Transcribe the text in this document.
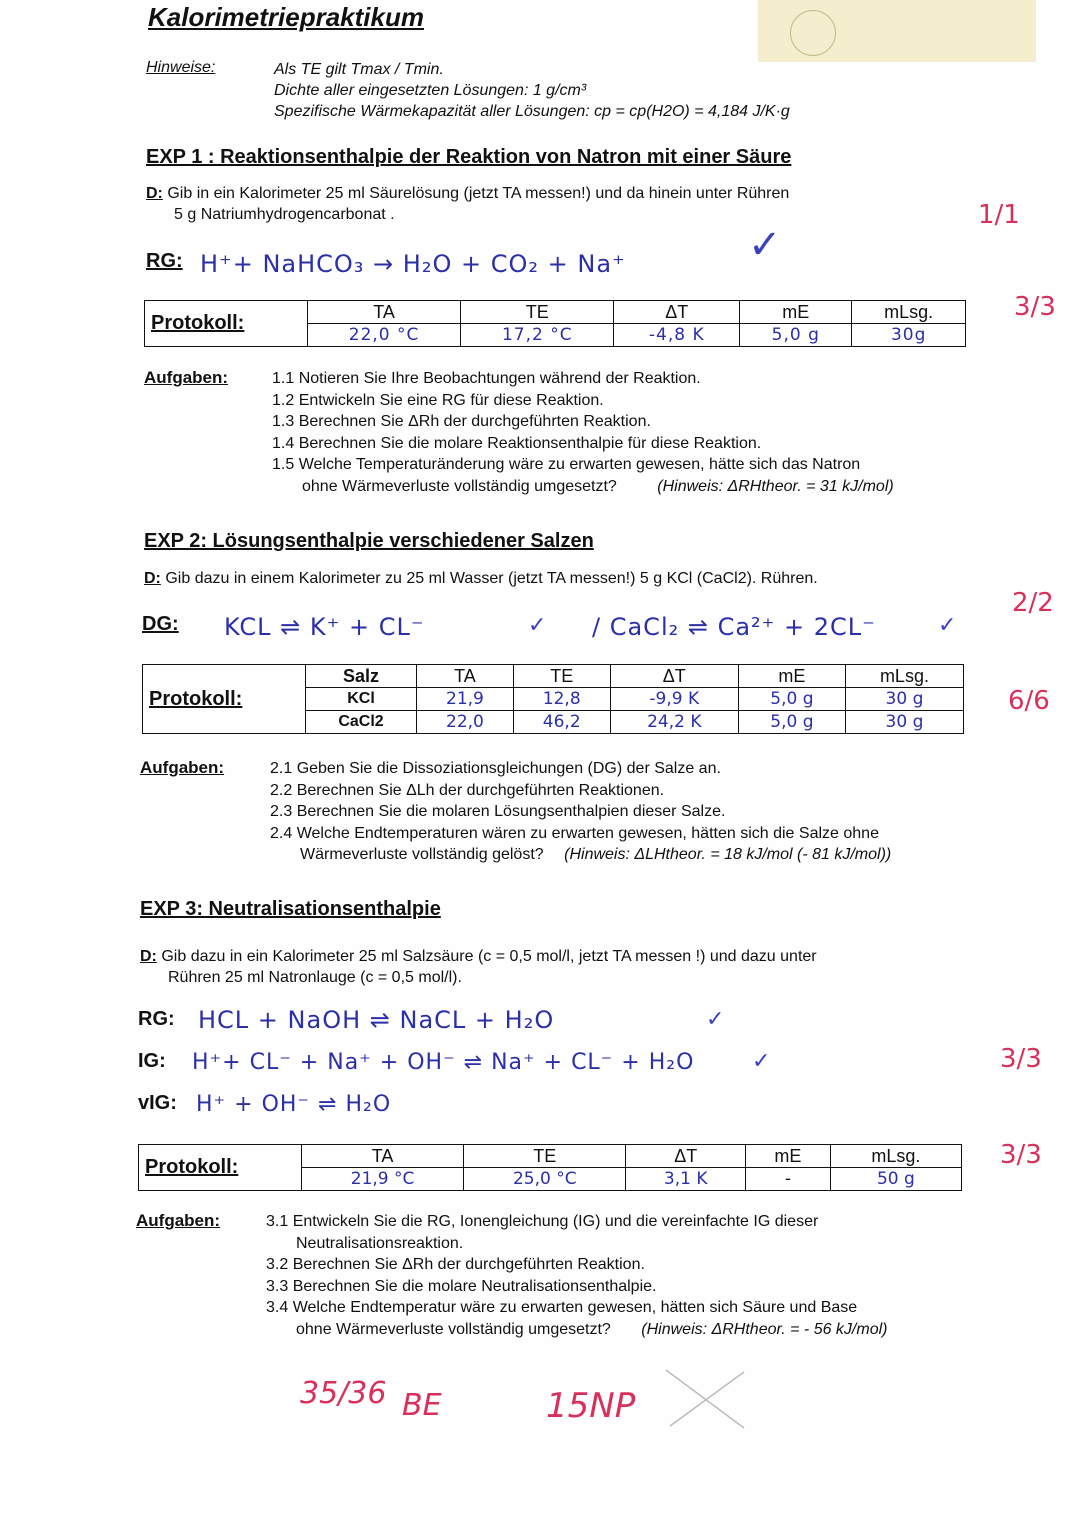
Kalorimetriepraktikum
Hinweise:	Als TE gilt Tmax / Tmin.
Dichte aller eingesetzten Lösungen: 1 g/cm³
Spezifische Wärmekapazität aller Lösungen: cp = cp(H2O) = 4,184 J/K·g
EXP 1 : Reaktionsenthalpie der Reaktion von Natron mit einer Säure
D: Gib in ein Kalorimeter 25 ml Säurelösung (jetzt TA messen!) und da hinein unter Rühren
5 g Natriumhydrogencarbonat .
RG: H⁺+ NaHCO₃ → H₂O + CO₂ + Na⁺	✓
Protokoll:	TA	TE	ΔT	mE	mLsg.
	22,0 °C	17,2 °C	-4,8 K	5,0 g	30g
Aufgaben:	1.1 Notieren Sie Ihre Beobachtungen während der Reaktion.
1.2 Entwickeln Sie eine RG für diese Reaktion.
1.3 Berechnen Sie ΔRh der durchgeführten Reaktion.
1.4 Berechnen Sie die molare Reaktionsenthalpie für diese Reaktion.
1.5 Welche Temperaturänderung wäre zu erwarten gewesen, hätte sich das Natron
ohne Wärmeverluste vollständig umgesetzt?	(Hinweis: ΔRHtheor. = 31 kJ/mol)
1/1
3/3
EXP 2: Lösungsenthalpie verschiedener Salzen
D: Gib dazu in einem Kalorimeter zu 25 ml Wasser (jetzt TA messen!) 5 g KCl (CaCl2). Rühren.
DG: KCL ⇌ K⁺ + CL⁻	/ CaCl₂ ⇌ Ca²⁺ + 2CL⁻
✓	✓
Protokoll:	Salz	TA	TE	ΔT	mE	mLsg.
	KCl	21,9	12,8	-9,9 K	5,0 g	30 g
	CaCl2	22,0	46,2	24,2 K	5,0 g	30 g
Aufgaben:	2.1 Geben Sie die Dissoziationsgleichungen (DG) der Salze an.
2.2 Berechnen Sie ΔLh der durchgeführten Reaktionen.
2.3 Berechnen Sie die molaren Lösungsenthalpien dieser Salze.
2.4 Welche Endtemperaturen wären zu erwarten gewesen, hätten sich die Salze ohne
Wärmeverluste vollständig gelöst? (Hinweis: ΔLHtheor. = 18 kJ/mol (- 81 kJ/mol))
2/2
6/6
EXP 3: Neutralisationsenthalpie
D: Gib dazu in ein Kalorimeter 25 ml Salzsäure (c = 0,5 mol/l, jetzt TA messen !) und dazu unter
Rühren 25 ml Natronlauge (c = 0,5 mol/l).
RG: HCL + NaOH ⇌ NaCL + H₂O
IG: H⁺+ CL⁻ + Na⁺ + OH⁻ ⇌ Na⁺ + CL⁻ + H₂O
vIG: H⁺ + OH⁻ ⇌ H₂O
✓
✓
Protokoll:	TA	TE	ΔT	mE	mLsg.
	21,9 °C	25,0 °C	3,1 K	-	50 g
Aufgaben:	3.1 Entwickeln Sie die RG, Ionengleichung (IG) und die vereinfachte IG dieser
Neutralisationsreaktion.
3.2 Berechnen Sie ΔRh der durchgeführten Reaktion.
3.3 Berechnen Sie die molare Neutralisationsenthalpie.
3.4 Welche Endtemperatur wäre zu erwarten gewesen, hätten sich Säure und Base
ohne Wärmeverluste vollständig umgesetzt? (Hinweis: ΔRHtheor. = - 56 kJ/mol)
3/3
3/3
35/36 BE	15NP
